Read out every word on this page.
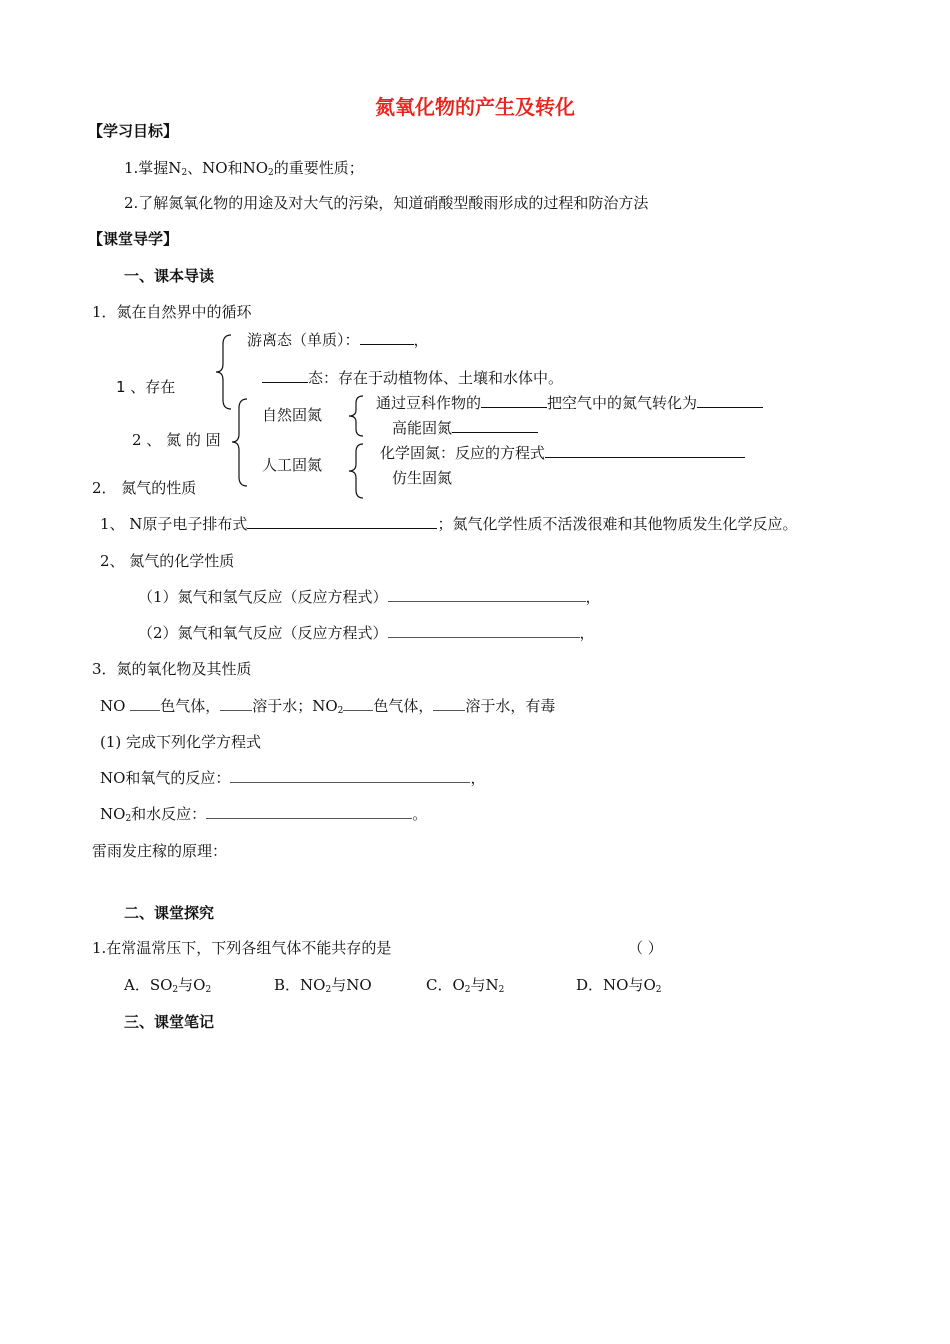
氮氧化物的产生及转化
【学习目标】
1.掌握$N_2$、NO和$NO_2$的重要性质；
2.了解氮氧化物的用途及对大气的污染，知道硝酸型酸雨形成的过程和防治方法
【课堂导学】
一、课本导读
1．氮在自然界中的循环
1 、存在
游离态（单质）：	，
态：存在于动植物体、土壤和水体中。
2 、 氮 的 固
自然固氮
人工固氮
通过豆科作物的	把空气中的氮气转化为
高能固氮
化学固氮：反应的方程式
仿生固氮
2． 氮气的性质
1、 N原子电子排布式	；氮气化学性质不活泼很难和其他物质发生化学反应。
2、 氮气的化学性质
（1）氮气和氢气反应（反应方程式）	，
（2）氮气和氧气反应（反应方程式）	，
3．氮的氧化物及其性质
NO 色气体， 溶于水；$NO_2$ 色气体， 溶于水，有毒
(1) 完成下列化学方程式
NO和氧气的反应：	，
$NO_2$和水反应：	。
雷雨发庄稼的原理：
二、课堂探究
1.在常温常压下，下列各组气体不能共存的是	（ ）
A．$SO_2$与$O_2$	B．$NO_2$与NO	C．$O_2$与$N_2$	D．NO与$O_2$
三、课堂笔记
